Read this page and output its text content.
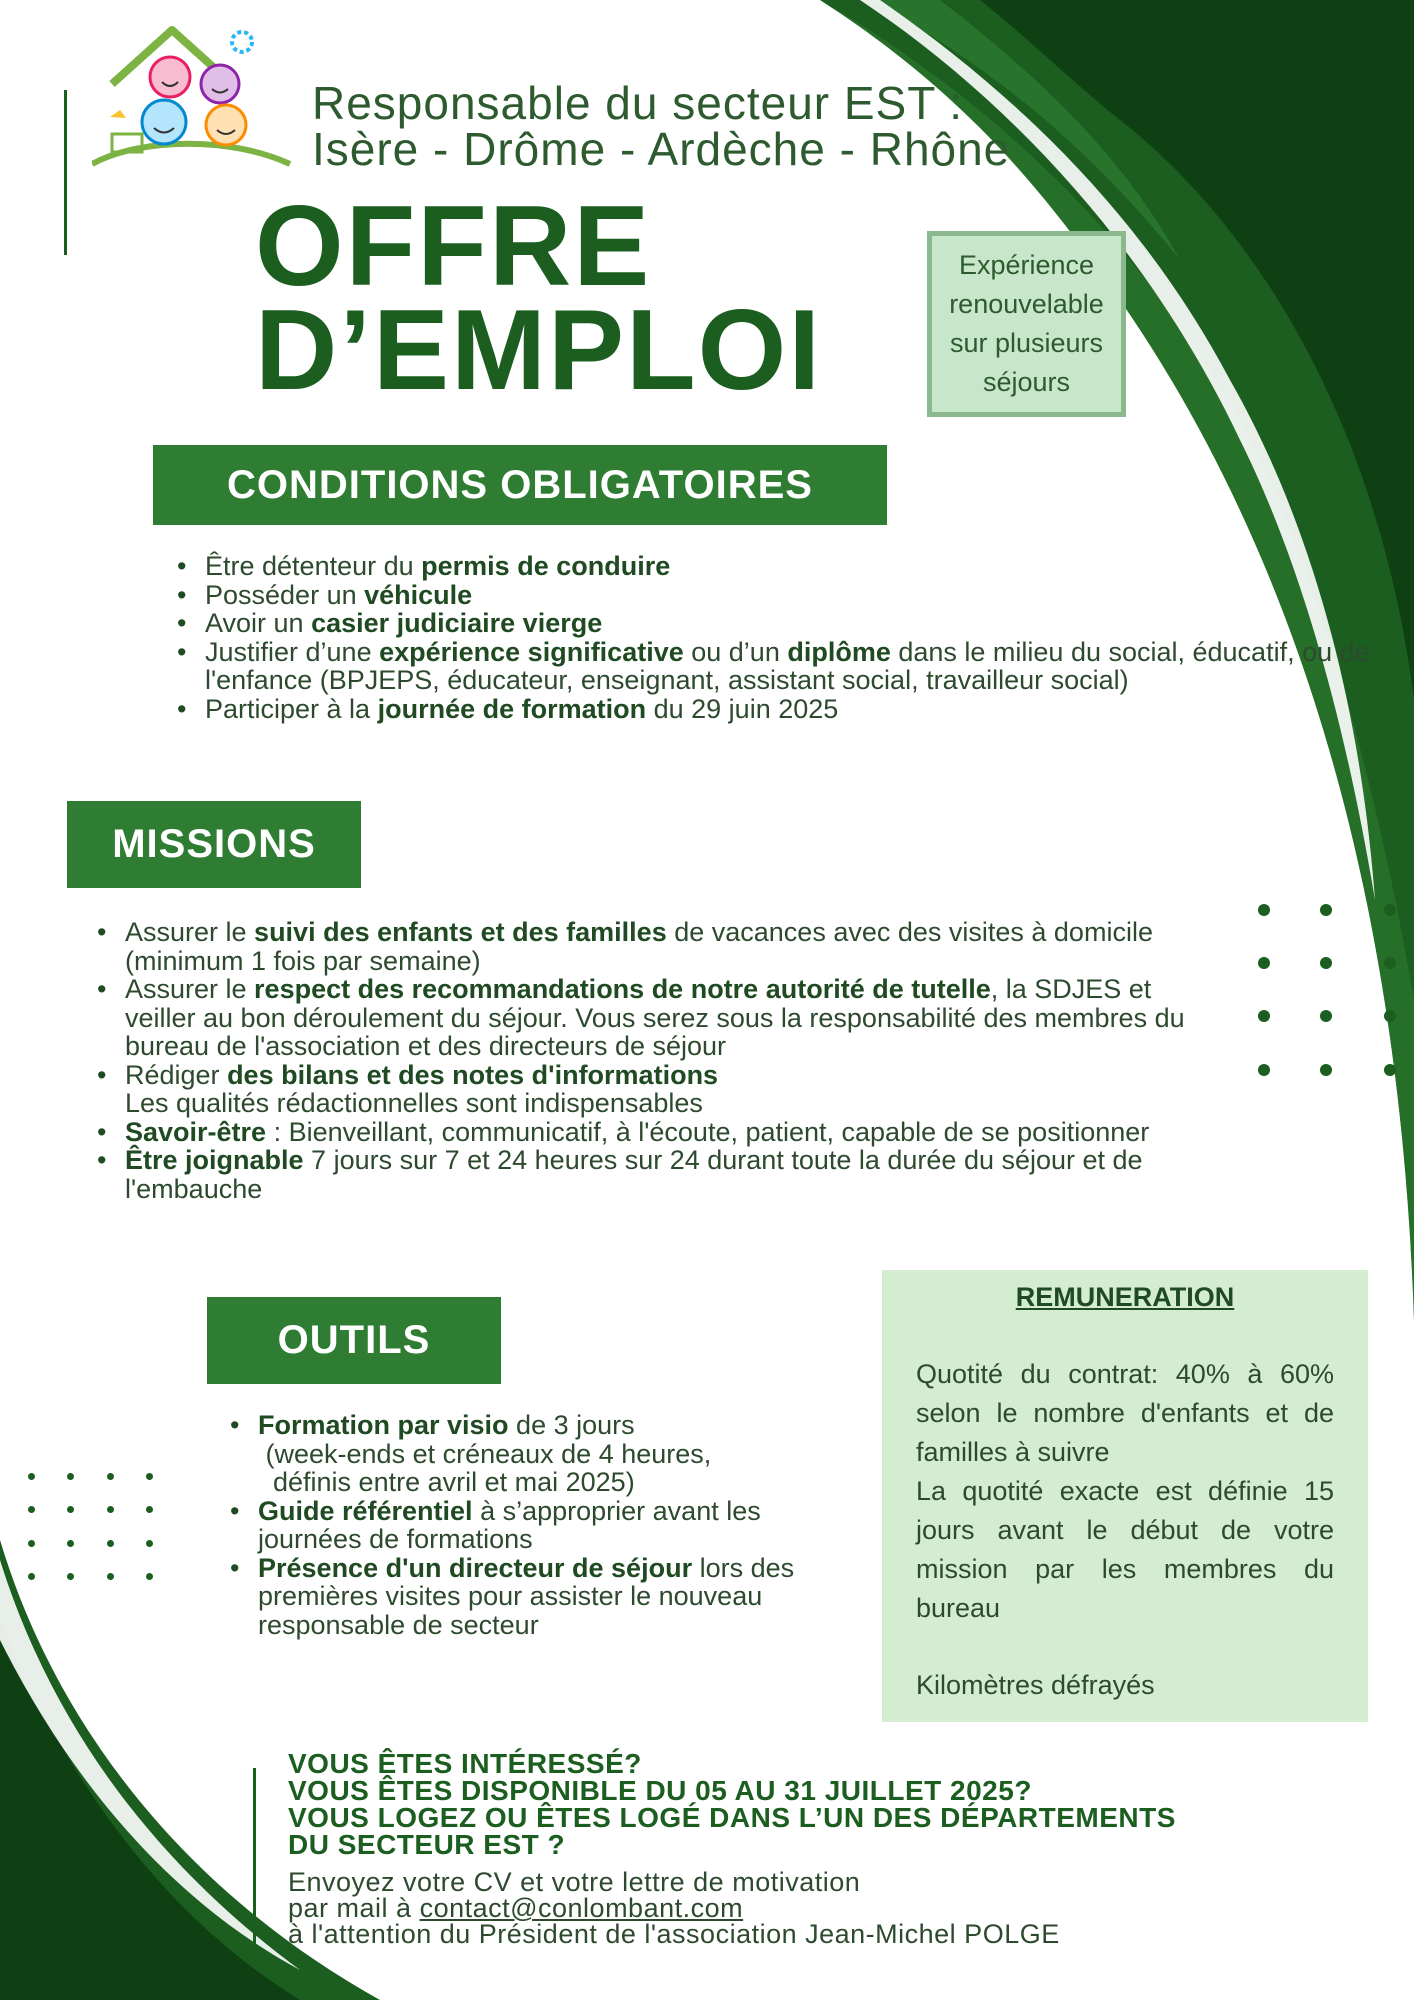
Responsable du secteur EST :
Isère - Drôme - Ardèche - Rhône
OFFRE
D’EMPLOI
Expérience
renouvelable
sur plusieurs
séjours
CONDITIONS OBLIGATOIRES
• Être détenteur du permis de conduire
• Posséder un véhicule
• Avoir un casier judiciaire vierge
• Justifier d’une expérience significative ou d’un diplôme dans le milieu du social, éducatif, ou de l'enfance (BPJEPS, éducateur, enseignant, assistant social, travailleur social)
• Participer à la journée de formation du 29 juin 2025
MISSIONS
• Assurer le suivi des enfants et des familles de vacances avec des visites à domicile (minimum 1 fois par semaine)
• Assurer le respect des recommandations de notre autorité de tutelle, la SDJES et veiller au bon déroulement du séjour. Vous serez sous la responsabilité des membres du bureau de l'association et des directeurs de séjour
• Rédiger des bilans et des notes d'informations
Les qualités rédactionnelles sont indispensables
• Savoir-être : Bienveillant, communicatif, à l'écoute, patient, capable de se positionner
• Être joignable 7 jours sur 7 et 24 heures sur 24 durant toute la durée du séjour et de l'embauche
OUTILS
• Formation par visio de 3 jours
(week-ends et créneaux de 4 heures,
définis entre avril et mai 2025)
• Guide référentiel à s’approprier avant les journées de formations
• Présence d'un directeur de séjour lors des premières visites pour assister le nouveau responsable de secteur
REMUNERATION
Quotité du contrat: 40% à 60% selon le nombre d'enfants et de familles à suivre
La quotité exacte est définie 15 jours avant le début de votre mission par les membres du bureau
Kilomètres défrayés
VOUS ÊTES INTÉRESSÉ?
VOUS ÊTES DISPONIBLE DU 05 AU 31 JUILLET 2025?
VOUS LOGEZ OU ÊTES LOGÉ DANS L’UN DES DÉPARTEMENTS
DU SECTEUR EST ?
Envoyez votre CV et votre lettre de motivation
par mail à contact@conlombant.com
à l'attention du Président de l'association Jean-Michel POLGE
